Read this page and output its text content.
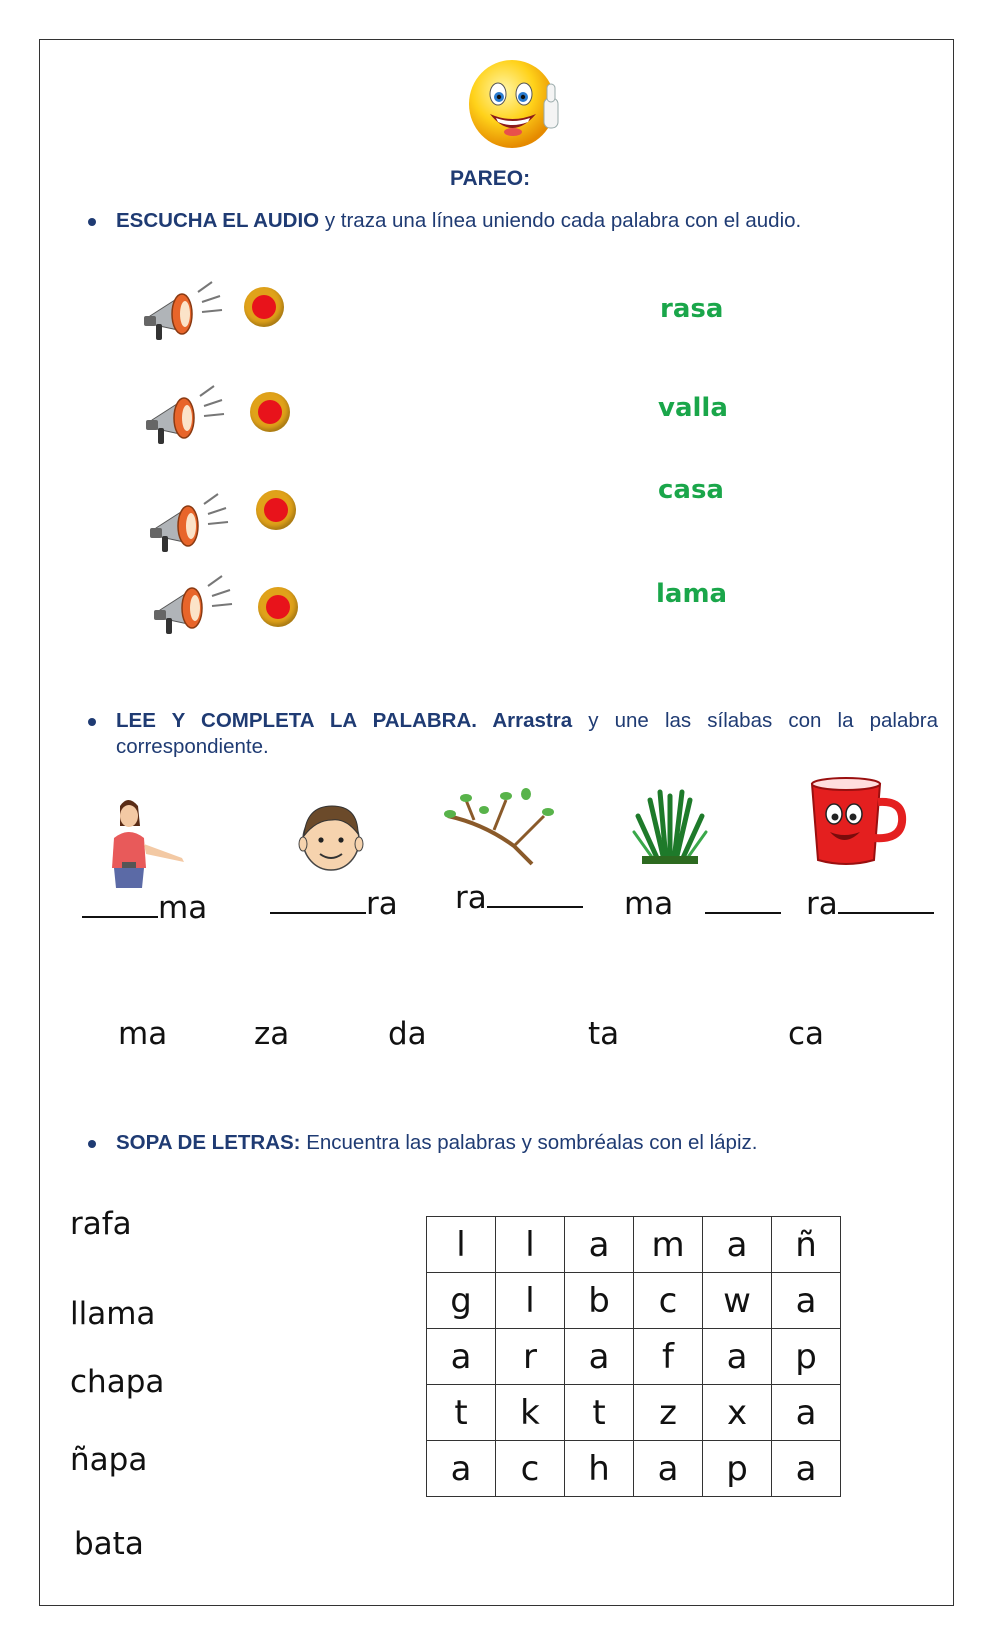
PAREO:
ESCUCHA EL AUDIO y traza una línea uniendo cada palabra con el audio.
rasa
valla
casa
lama
LEE Y COMPLETA LA PALABRA. Arrastra y une las sílabas con la palabra
correspondiente.
ma	ra ra	ma	ra
ma	za	da	ta	ca
SOPA DE LETRAS: Encuentra las palabras y sombréalas con el lápiz.
rafa
llama
chapa
ñapa
bata
l	l	a	m	a	ñ
g	l	b	c	w	a
a	r	a	f	a	p
t	k	t	z	x	a
a	c	h	a	p	a
